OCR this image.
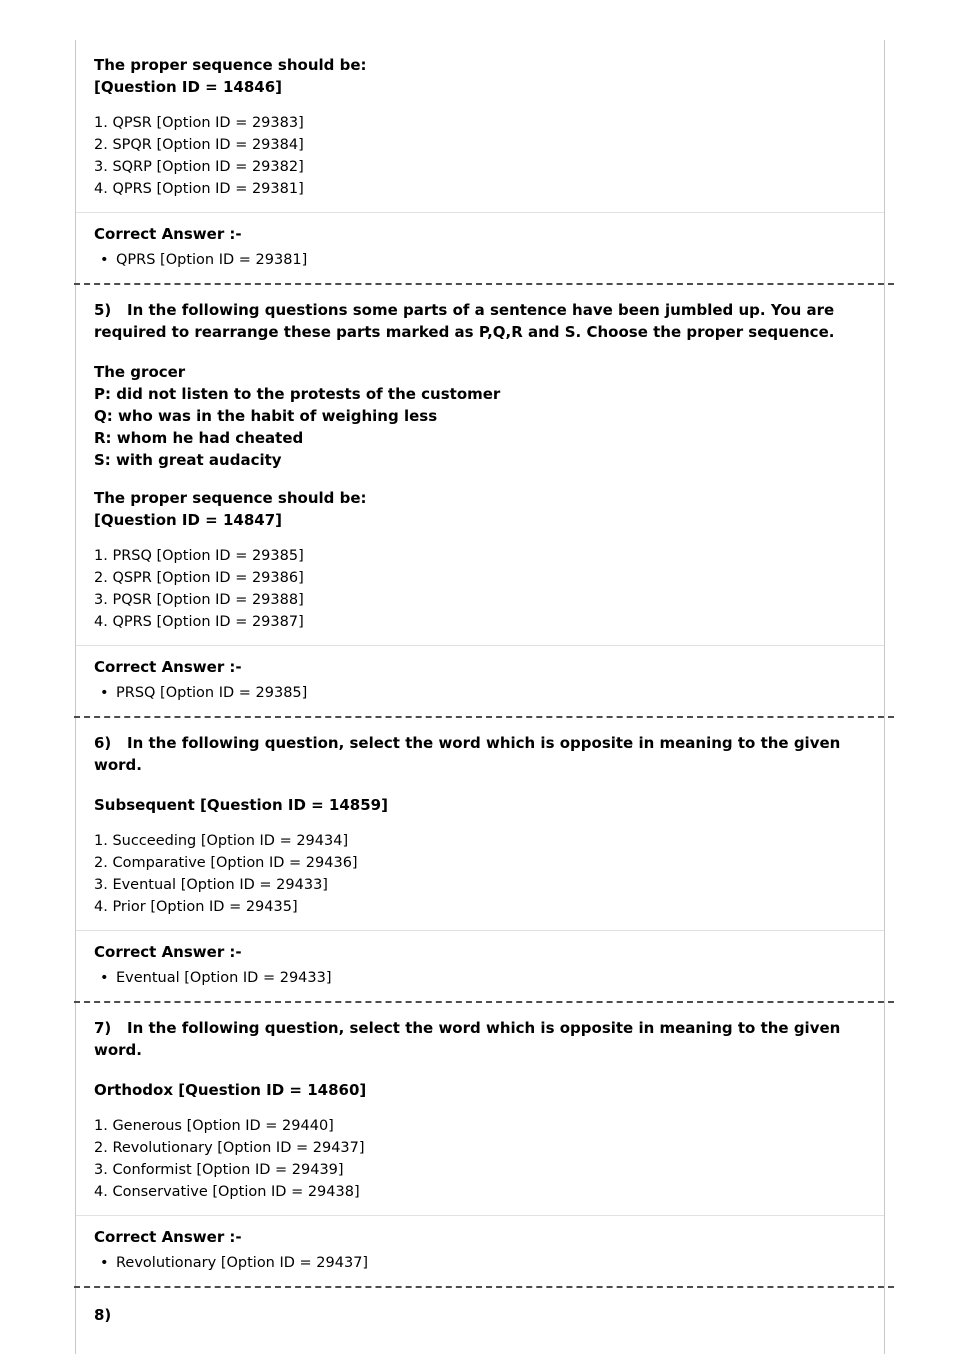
The proper sequence should be:
[Question ID = 14846]
1. QPSR [Option ID = 29383]
2. SPQR [Option ID = 29384]
3. SQRP [Option ID = 29382]
4. QPRS [Option ID = 29381]
Correct Answer :-
• QPRS [Option ID = 29381]

5)   In the following questions some parts of a sentence have been jumbled up. You are required to rearrange these parts marked as P,Q,R and S. Choose the proper sequence.

The grocer
P: did not listen to the protests of the customer
Q: who was in the habit of weighing less
R: whom he had cheated
S: with great audacity
The proper sequence should be:
[Question ID = 14847]
1. PRSQ [Option ID = 29385]
2. QSPR [Option ID = 29386]
3. PQSR [Option ID = 29388]
4. QPRS [Option ID = 29387]
Correct Answer :-
• PRSQ [Option ID = 29385]

6)   In the following question, select the word which is opposite in meaning to the given word.

Subsequent [Question ID = 14859]
1. Succeeding [Option ID = 29434]
2. Comparative [Option ID = 29436]
3. Eventual [Option ID = 29433]
4. Prior [Option ID = 29435]
Correct Answer :-
• Eventual [Option ID = 29433]

7)   In the following question, select the word which is opposite in meaning to the given word.

Orthodox [Question ID = 14860]
1. Generous [Option ID = 29440]
2. Revolutionary [Option ID = 29437]
3. Conformist [Option ID = 29439]
4. Conservative [Option ID = 29438]
Correct Answer :-
• Revolutionary [Option ID = 29437]

8)
